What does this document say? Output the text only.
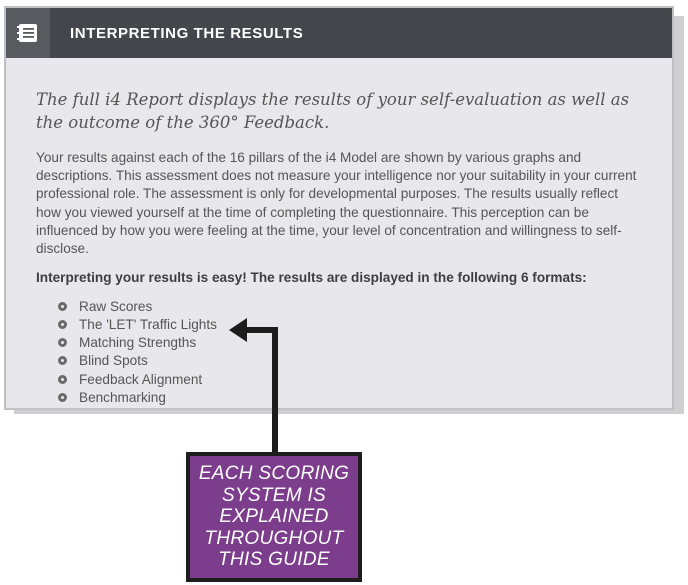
INTERPRETING THE RESULTS

The full i4 Report displays the results of your self-evaluation as well as the outcome of the 360° Feedback.

Your results against each of the 16 pillars of the i4 Model are shown by various graphs and descriptions. This assessment does not measure your intelligence nor your suitability in your current professional role. The assessment is only for developmental purposes. The results usually reflect how you viewed yourself at the time of completing the questionnaire. This perception can be influenced by how you were feeling at the time, your level of concentration and willingness to self-disclose.

Interpreting your results is easy! The results are displayed in the following 6 formats:

Raw Scores
The 'LET' Traffic Lights
Matching Strengths
Blind Spots
Feedback Alignment
Benchmarking
EACH SCORING SYSTEM IS EXPLAINED THROUGHOUT THIS GUIDE
